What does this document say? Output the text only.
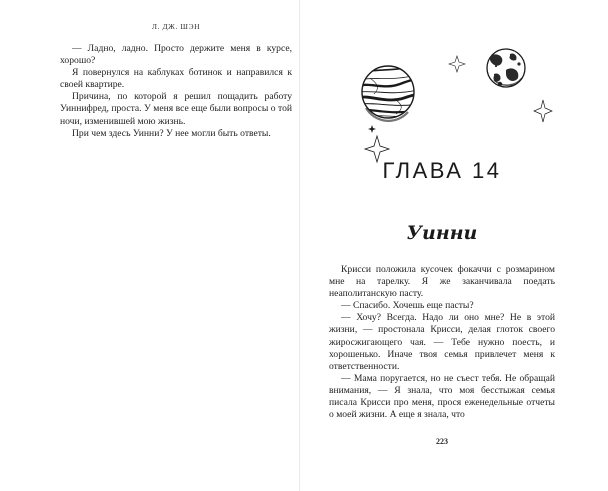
Л. ДЖ. ШЭН

— Ладно, ладно. Просто держите меня в курсе, хорошо?

Я повернулся на каблуках ботинок и направился к своей квартире.

Причина, по которой я решил пощадить работу Уиннифред, проста. У меня все еще были вопросы о той ночи, изменившей мою жизнь.

При чем здесь Уинни? У нее могли быть ответы.

ГЛАВА 14
Уинни

Крисси положила кусочек фокаччи с розмарином мне на тарелку. Я же заканчивала поедать неаполитанскую пасту.

— Спасибо. Хочешь еще пасты?

— Хочу? Всегда. Надо ли оно мне? Не в этой жизни, — простонала Крисси, делая глоток своего жиросжигающего чая. — Тебе нужно поесть, и хорошенько. Иначе твоя семья привлечет меня к ответственности.

— Мама поругается, но не съест тебя. Не обращай внимания, — Я знала, что моя бесстыжая семья писала Крисси про меня, прося еженедельные отчеты о моей жизни. А еще я знала, что

223
